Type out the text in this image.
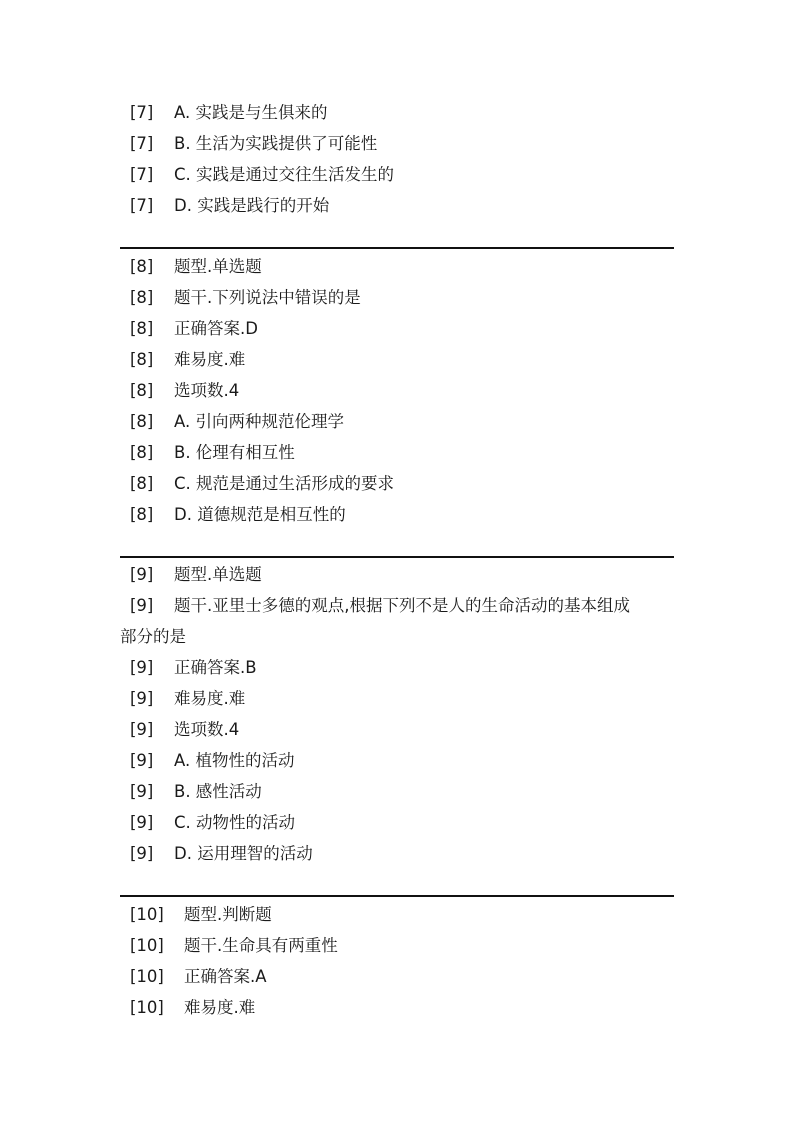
[7] A. 实践是与生俱来的
[7] B. 生活为实践提供了可能性
[7] C. 实践是通过交往生活发生的
[7] D. 实践是践行的开始
[8] 题型.单选题
[8] 题干.下列说法中错误的是
[8] 正确答案.D
[8] 难易度.难
[8] 选项数.4
[8] A. 引向两种规范伦理学
[8] B. 伦理有相互性
[8] C. 规范是通过生活形成的要求
[8] D. 道德规范是相互性的
[9] 题型.单选题
[9] 题干.亚里士多德的观点,根据下列不是人的生命活动的基本组成
部分的是
[9] 正确答案.B
[9] 难易度.难
[9] 选项数.4
[9] A. 植物性的活动
[9] B. 感性活动
[9] C. 动物性的活动
[9] D. 运用理智的活动
[10] 题型.判断题
[10] 题干.生命具有两重性
[10] 正确答案.A
[10] 难易度.难
